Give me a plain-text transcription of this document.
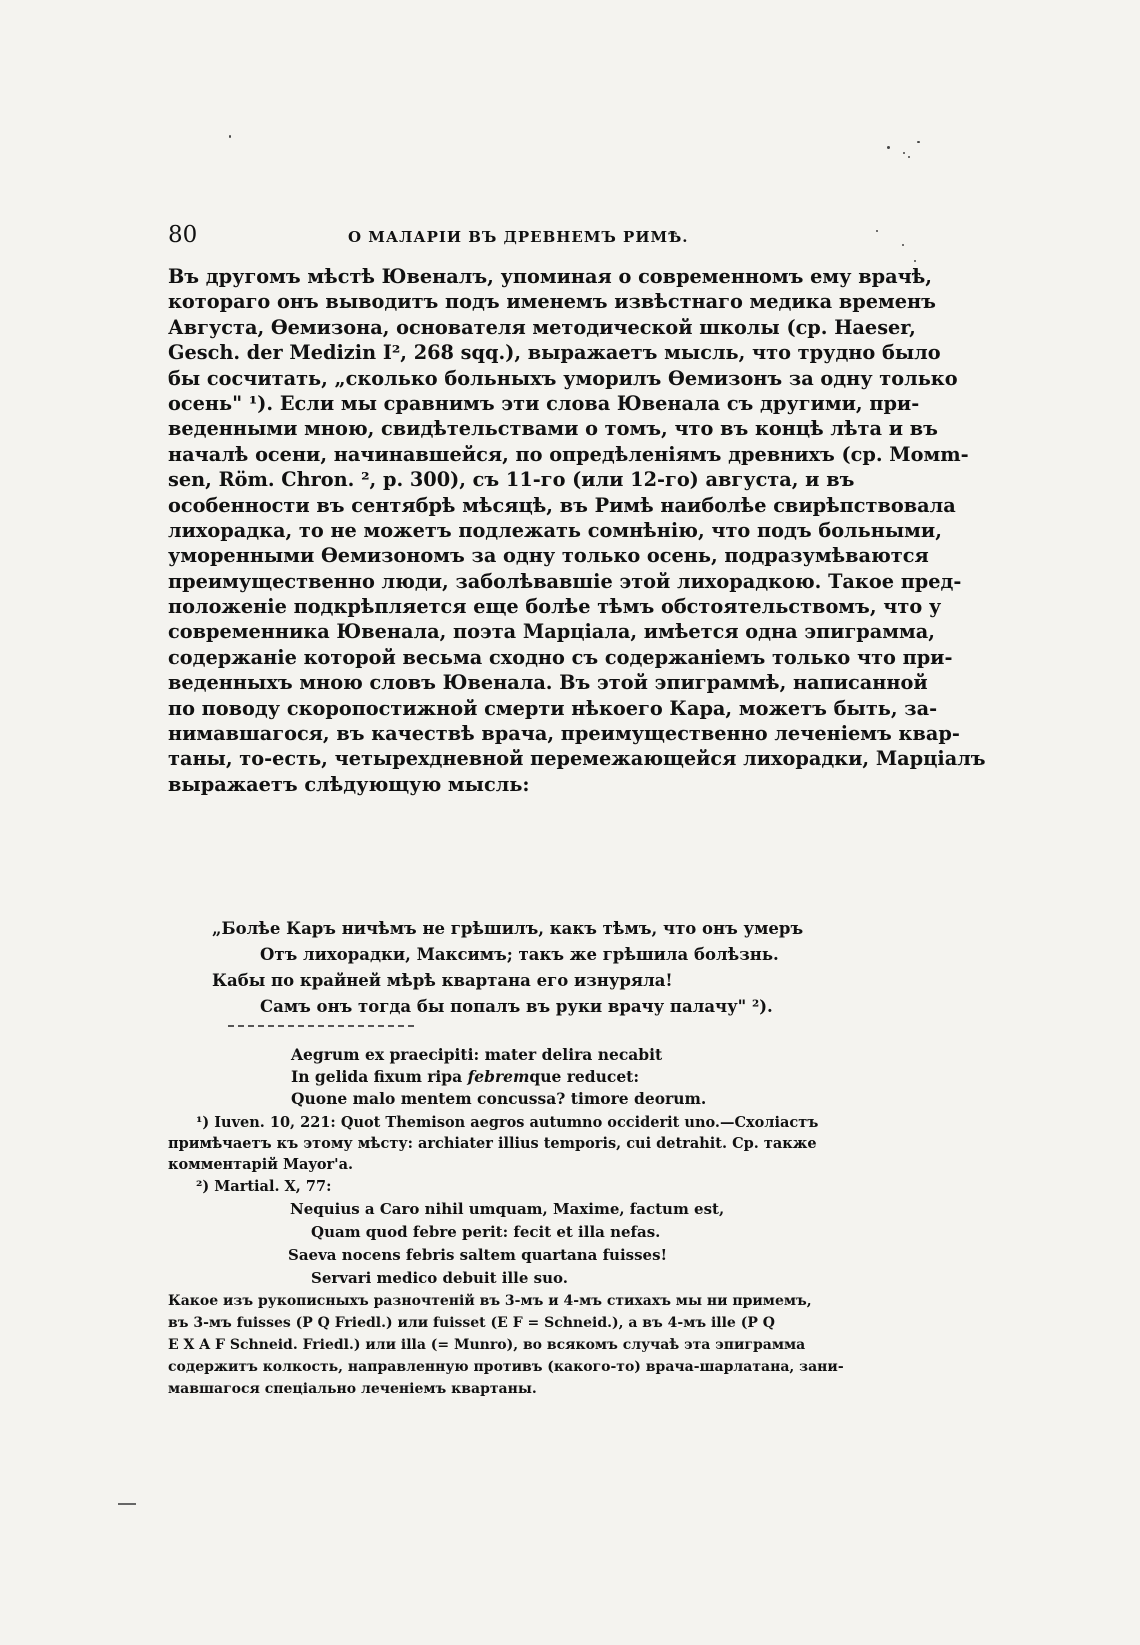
80	О МАЛАРІИ ВЪ ДРЕВНЕМЪ РИМѢ.
Въ другомъ мѣстѣ Ювеналъ, упоминая о современномъ ему врачѣ,
котораго онъ выводитъ подъ именемъ извѣстнаго медика временъ
Августа, Ѳемизона, основателя методической школы (ср. Haeser,
Gesch. der Medizin I², 268 sqq.), выражаетъ мысль, что трудно было
бы сосчитать, „сколько больныхъ уморилъ Ѳемизонъ за одну только
осень" ¹). Если мы сравнимъ эти слова Ювенала съ другими, при-
веденными мною, свидѣтельствами о томъ, что въ концѣ лѣта и въ
началѣ осени, начинавшейся, по опредѣленіямъ древнихъ (ср. Mомm-
sen, Röm. Chron. ², p. 300), съ 11-го (или 12-го) августа, и въ
особенности въ сентябрѣ мѣсяцѣ, въ Римѣ наиболѣе свирѣпствовала
лихорадка, то не можетъ подлежать сомнѣнію, что подъ больными,
уморенными Ѳемизономъ за одну только осень, подразумѣваются
преимущественно люди, заболѣвавшіе этой лихорадкою. Такое пред-
положеніе подкрѣпляется еще болѣе тѣмъ обстоятельствомъ, что у
современника Ювенала, поэта Марціала, имѣется одна эпиграмма,
содержаніе которой весьма сходно съ содержаніемъ только что при-
веденныхъ мною словъ Ювенала. Въ этой эпиграммѣ, написанной
по поводу скоропостижной смерти нѣкоего Кара, можетъ быть, за-
нимавшагося, въ качествѣ врача, преимущественно леченіемъ квар-
таны, то-есть, четырехдневной перемежающейся лихорадки, Марціалъ
выражаетъ слѣдующую мысль:
„Болѣе Каръ ничѣмъ не грѣшилъ, какъ тѣмъ, что онъ умеръ
Отъ лихорадки, Максимъ; такъ же грѣшила болѣзнь.
Кабы по крайней мѣрѣ квартана его изнуряла!
Самъ онъ тогда бы попалъ въ руки врачу палачу" ²).
Aegrum ex praecipiti: mater delira necabit
In gelida fixum ripa febremque reducet:
Quone malo mentem concussa? timore deorum.
¹) Iuven. 10, 221: Quot Themison aegros autumno occiderit uno.—Схоліастъ
примѣчаетъ къ этому мѣсту: archiater illius temporis, cui detrahit. Ср. также
комментарій Mayor'а.
²) Martial. X, 77:
Nequius a Caro nihil umquam, Maxime, factum est,
Quam quod febre perit: fecit et illa nefas.
Saeva nocens febris saltem quartana fuisses!
Servari medico debuit ille suo.
Какое изъ рукописныхъ разночтеній въ 3-мъ и 4-мъ стихахъ мы ни примемъ,
въ 3-мъ fuisses (P Q Friedl.) или fuisset (E F = Schneid.), а въ 4-мъ ille (P Q
E X A F Schneid. Friedl.) или illa (= Munro), во всякомъ случаѣ эта эпиграмма
содержитъ колкость, направленную противъ (какого-то) врача-шарлатана, зани-
мавшагося спеціально леченіемъ квартаны.
